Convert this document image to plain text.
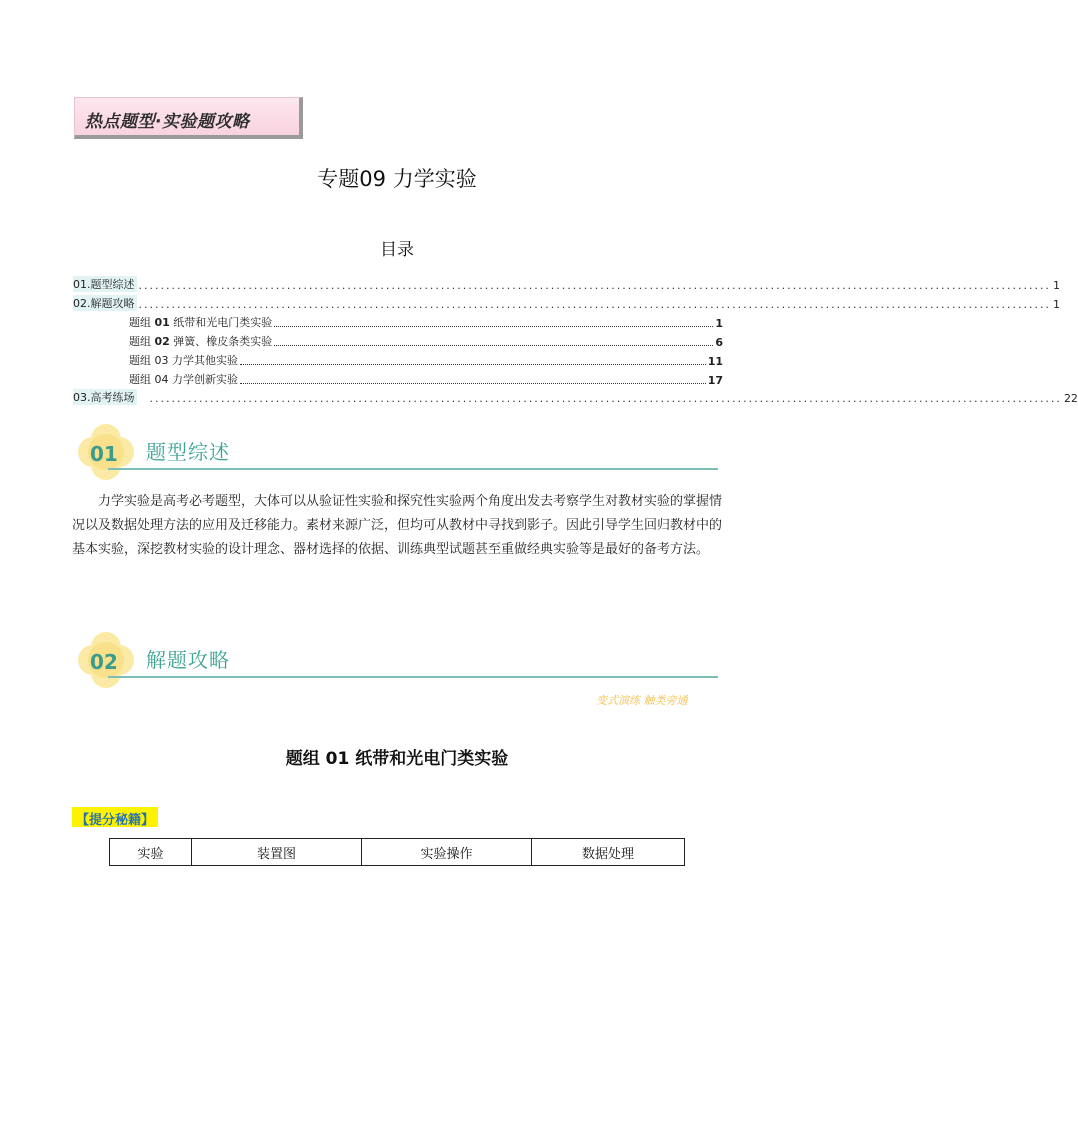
热点题型·实验题攻略
专题09 力学实验
目录
01.题型综述 ...................................................................................................................................................................... 1
02.解题攻略 ...................................................................................................................................................................... 1
题组 01 纸带和光电门类实验	1
题组 02 弹簧、橡皮条类实验	6
题组 03 力学其他实验	11
题组 04 力学创新实验	17
03.高考练场 ...................................................................................................................................................................... 22
01 题型综述

力学实验是高考必考题型，大体可以从验证性实验和探究性实验两个角度出发去考察学生对教材实验的掌握情况以及数据处理方法的应用及迁移能力。素材来源广泛，但均可从教材中寻找到影子。因此引导学生回归教材中的基本实验，深挖教材实验的设计理念、器材选择的依据、训练典型试题甚至重做经典实验等是最好的备考方法。

02 解题攻略
变式演练 触类旁通
题组 01 纸带和光电门类实验
【提分秘籍】
实验	装置图	实验操作	数据处理
